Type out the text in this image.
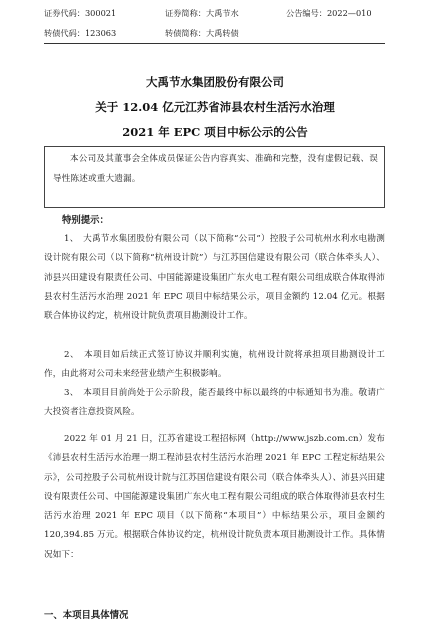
证券代码：300021	证券简称：大禹节水	公告编号：2022—010
转债代码：123063	转债简称：大禹转债
大禹节水集团股份有限公司
关于 12.04 亿元江苏省沛县农村生活污水治理
2021 年 EPC 项目中标公示的公告

本公司及其董事会全体成员保证公告内容真实、准确和完整，没有虚假记载、误导性陈述或重大遗漏。

特别提示：
1、　大禹节水集团股份有限公司（以下简称“公司”）控股子公司杭州水利水电勘测设计院有限公司（以下简称“杭州设计院”）与江苏国信建设有限公司（联合体牵头人）、沛县兴田建设有限责任公司、中国能源建设集团广东火电工程有限公司组成联合体取得沛县农村生活污水治理 2021 年 EPC 项目中标结果公示，项目金额约 12.04 亿元。根据联合体协议约定，杭州设计院负责项目勘测设计工作。
2、　本项目如后续正式签订协议并顺利实施，杭州设计院将承担项目勘测设计工作，由此将对公司未来经营业绩产生积极影响。
3、　本项目目前尚处于公示阶段，能否最终中标以最终的中标通知书为准。敬请广大投资者注意投资风险。
2022 年 01 月 21 日，江苏省建设工程招标网（http://www.jszb.com.cn）发布《沛县农村生活污水治理一期工程沛县农村生活污水治理 2021 年 EPC 工程定标结果公示》，公司控股子公司杭州设计院与江苏国信建设有限公司（联合体牵头人）、沛县兴田建设有限责任公司、中国能源建设集团广东火电工程有限公司组成的联合体取得沛县农村生活污水治理 2021 年 EPC 项目（以下简称“本项目”）中标结果公示，项目金额约 120,394.85 万元。根据联合体协议约定，杭州设计院负责本项目勘测设计工作。具体情况如下：
一、本项目具体情况
